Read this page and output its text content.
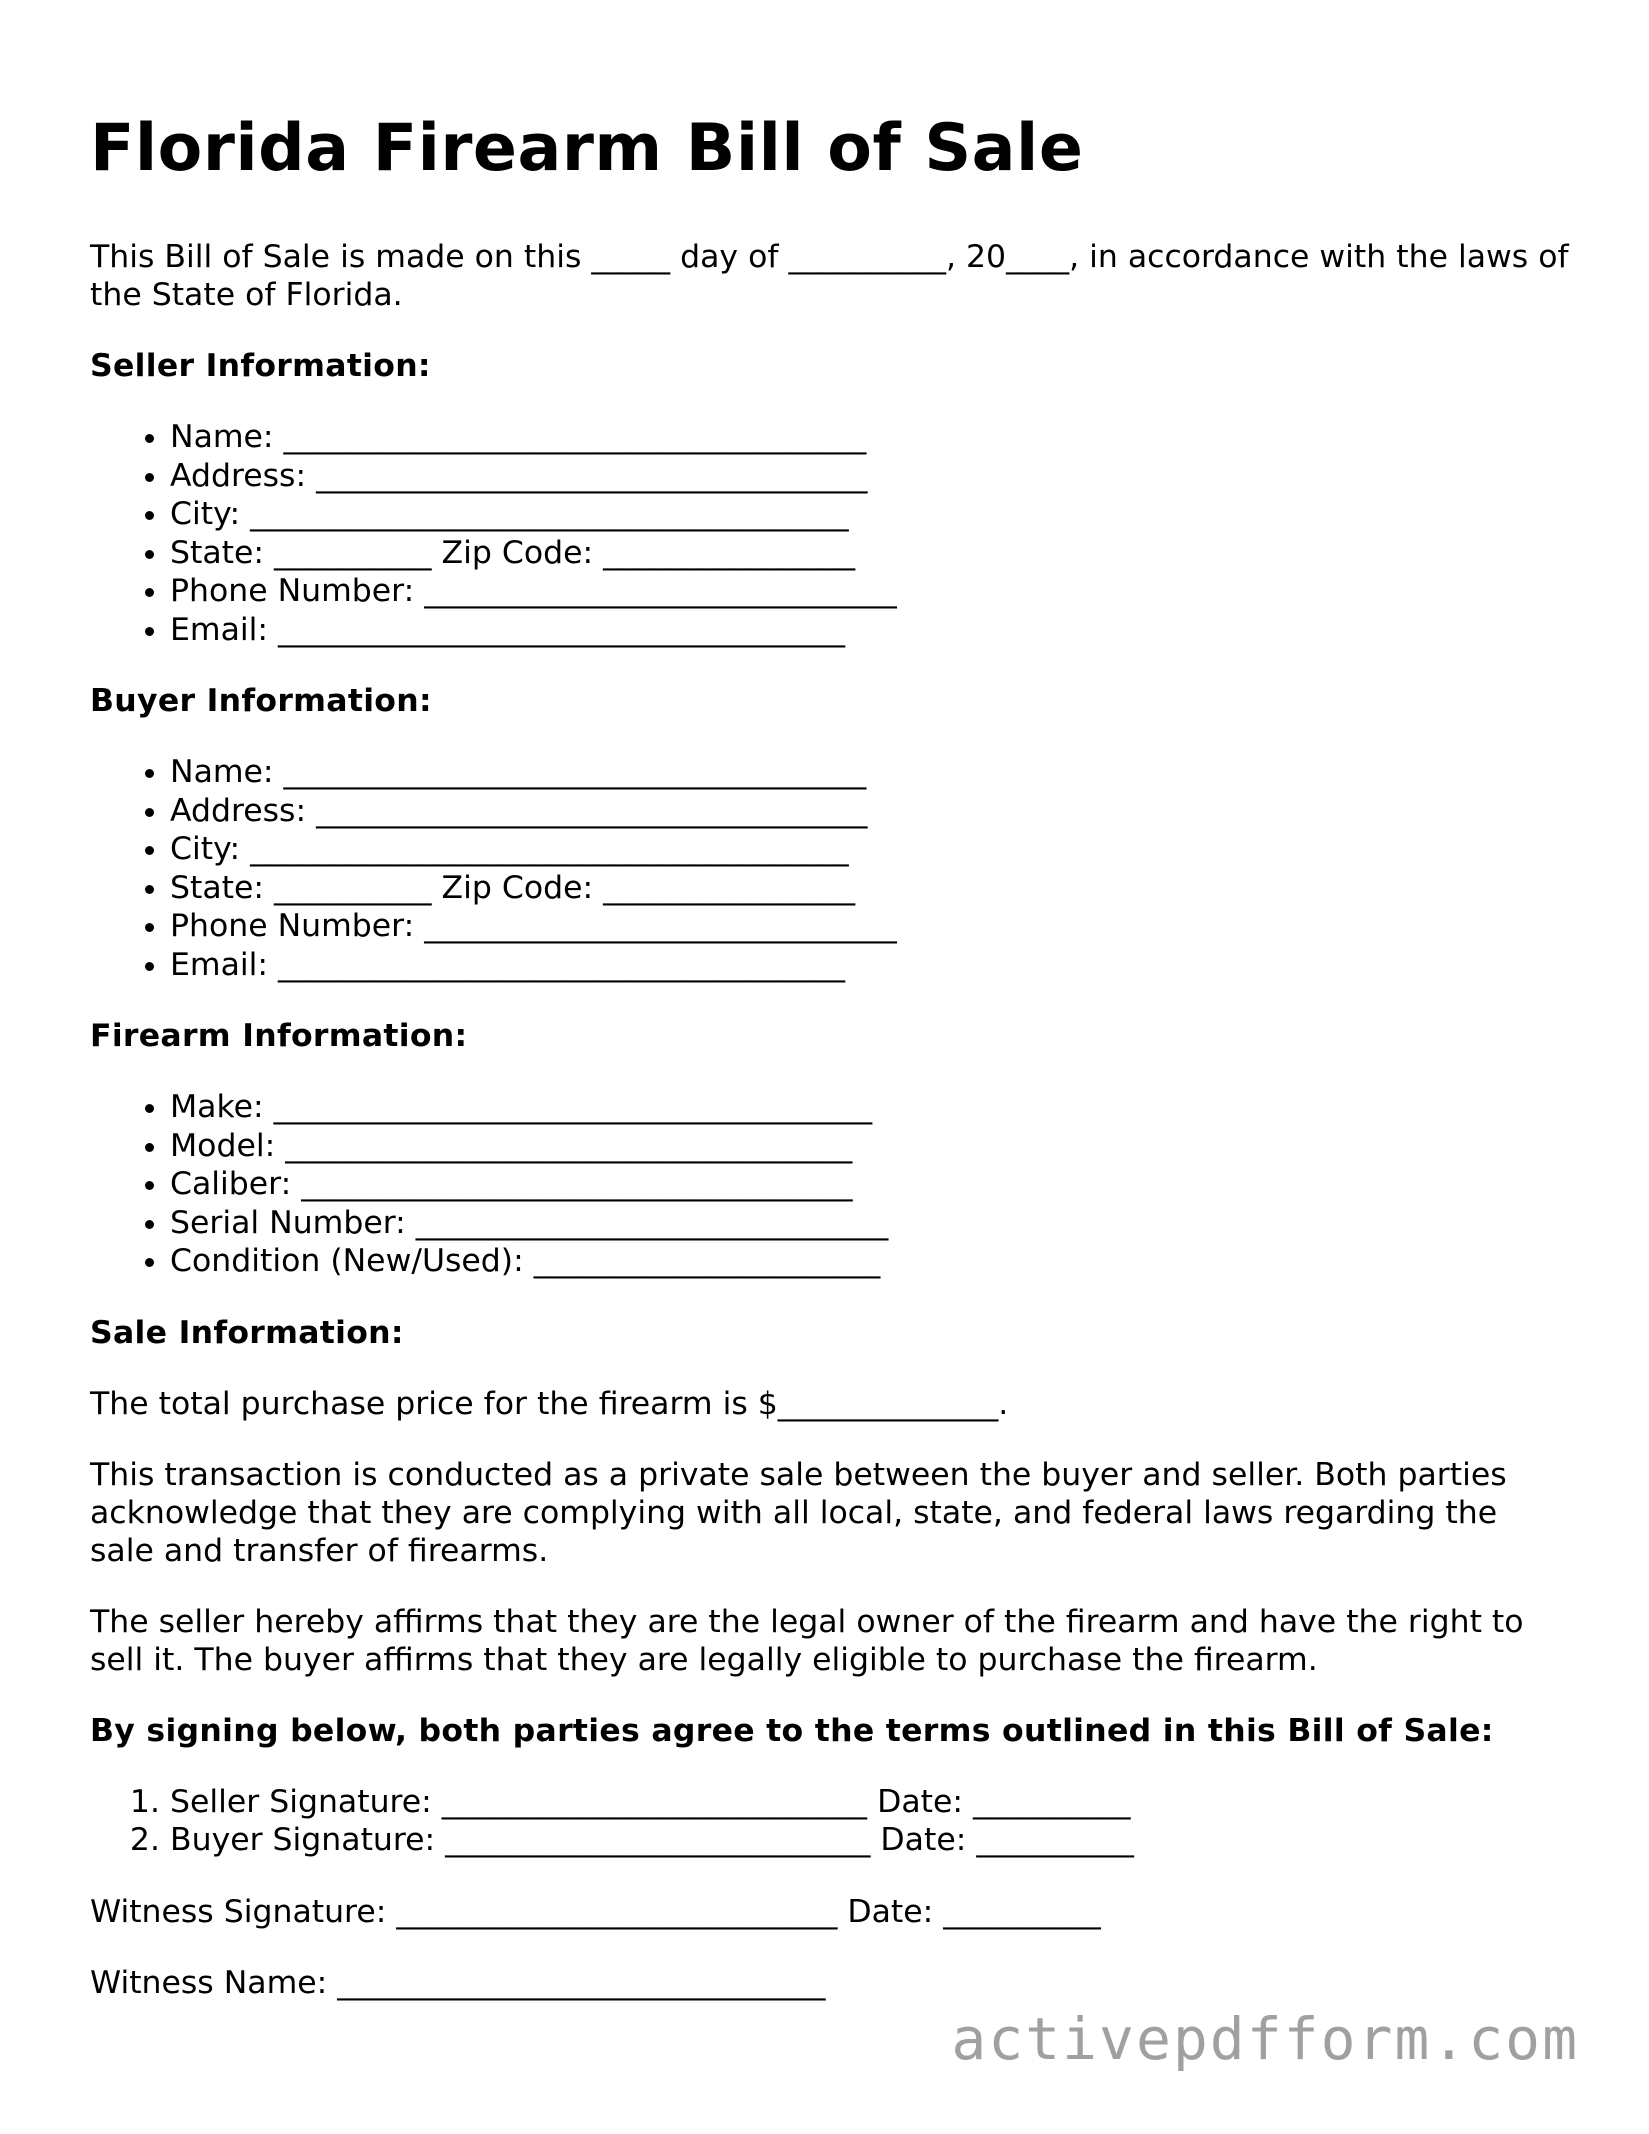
Florida Firearm Bill of Sale

This Bill of Sale is made on this _____ day of __________, 20____, in accordance with the laws of the State of Florida.

Seller Information:
• Name: _____________________________________
• Address: ___________________________________
• City: ______________________________________
• State: __________ Zip Code: ________________
• Phone Number: ______________________________
• Email: ____________________________________
Buyer Information:
• Name: _____________________________________
• Address: ___________________________________
• City: ______________________________________
• State: __________ Zip Code: ________________
• Phone Number: ______________________________
• Email: ____________________________________
Firearm Information:
• Make: ______________________________________
• Model: ____________________________________
• Caliber: ___________________________________
• Serial Number: ______________________________
• Condition (New/Used): ______________________
Sale Information:

The total purchase price for the firearm is $______________.

This transaction is conducted as a private sale between the buyer and seller. Both parties acknowledge that they are complying with all local, state, and federal laws regarding the sale and transfer of firearms.

The seller hereby affirms that they are the legal owner of the firearm and have the right to sell it. The buyer affirms that they are legally eligible to purchase the firearm.

By signing below, both parties agree to the terms outlined in this Bill of Sale:
1. Seller Signature: ___________________________ Date: __________
2. Buyer Signature: ___________________________ Date: __________

Witness Signature: ____________________________ Date: __________

Witness Name: _______________________________

activepdfform.com
